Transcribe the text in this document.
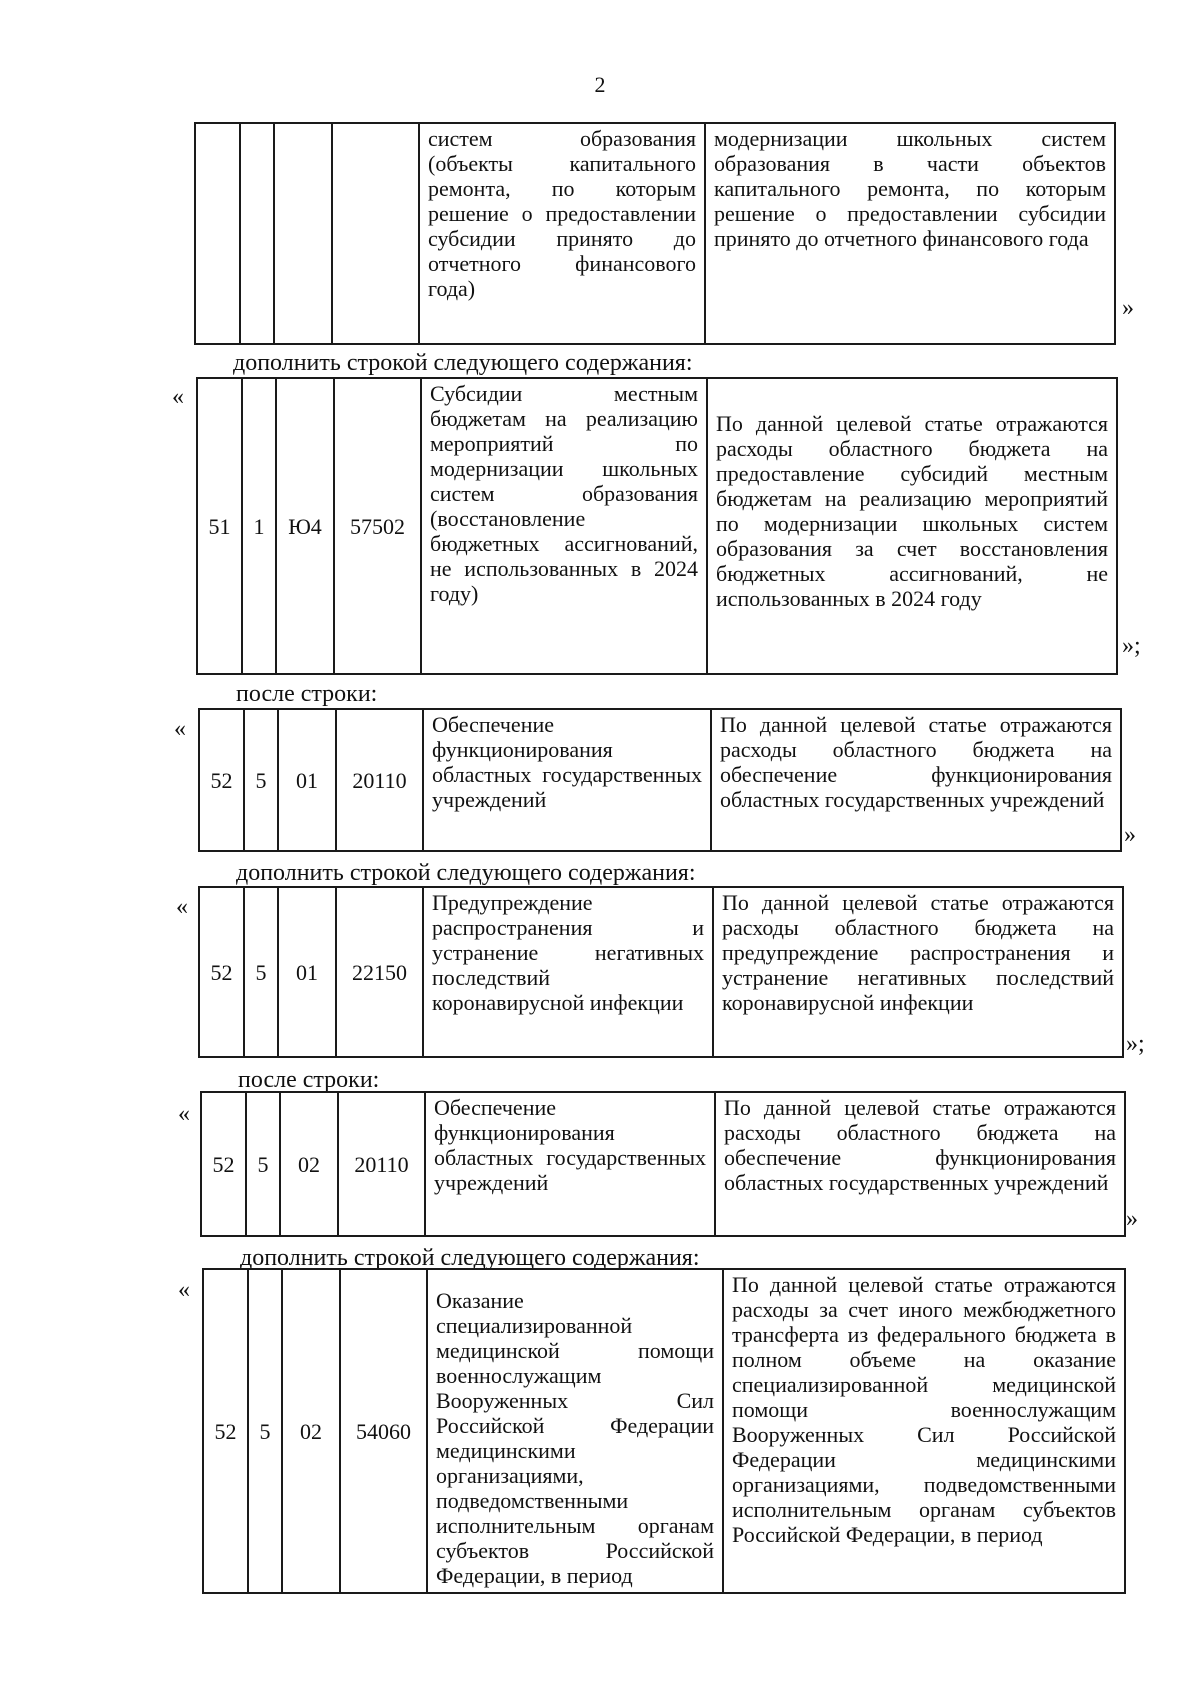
2
				систем образования (объекты капитального ремонта, по которым решение о предоставлении субсидии принято до отчетного финансового года)	модернизации школьных систем образования в части объектов капитального ремонта, по которым решение о предоставлении субсидии принято до отчетного финансового года
»
дополнить строкой следующего содержания:
«
51	1	Ю4	57502	Субсидии местным бюджетам на реализацию мероприятий по модернизации школьных систем образования (восстановление бюджетных ассигнований, не использованных в 2024 году)	По данной целевой статье отражаются расходы областного бюджета на предоставление субсидий местным бюджетам на реализацию мероприятий по модернизации школьных систем образования за счет восстановления бюджетных ассигнований, не использованных в 2024 году
»;
после строки:
«
52	5	01	20110	Обеспечение функционирования областных государственных учреждений	По данной целевой статье отражаются расходы областного бюджета на обеспечение функционирования областных государственных учреждений
»
дополнить строкой следующего содержания:
«
52	5	01	22150	Предупреждение распространения и устранение негативных последствий коронавирусной инфекции	По данной целевой статье отражаются расходы областного бюджета на предупреждение распространения и устранение негативных последствий коронавирусной инфекции
»;
после строки:
«
52	5	02	20110	Обеспечение функционирования областных государственных учреждений	По данной целевой статье отражаются расходы областного бюджета на обеспечение функционирования областных государственных учреждений
»
дополнить строкой следующего содержания:
«
52	5	02	54060	Оказание специализированной медицинской помощи военнослужащим Вооруженных Сил Российской Федерации медицинскими организациями, подведомственными исполнительным органам субъектов Российской Федерации, в период	По данной целевой статье отражаются расходы за счет иного межбюджетного трансферта из федерального бюджета в полном объеме на оказание специализированной медицинской помощи военнослужащим Вооруженных Сил Российской Федерации медицинскими организациями, подведомственными исполнительным органам субъектов Российской Федерации, в период
